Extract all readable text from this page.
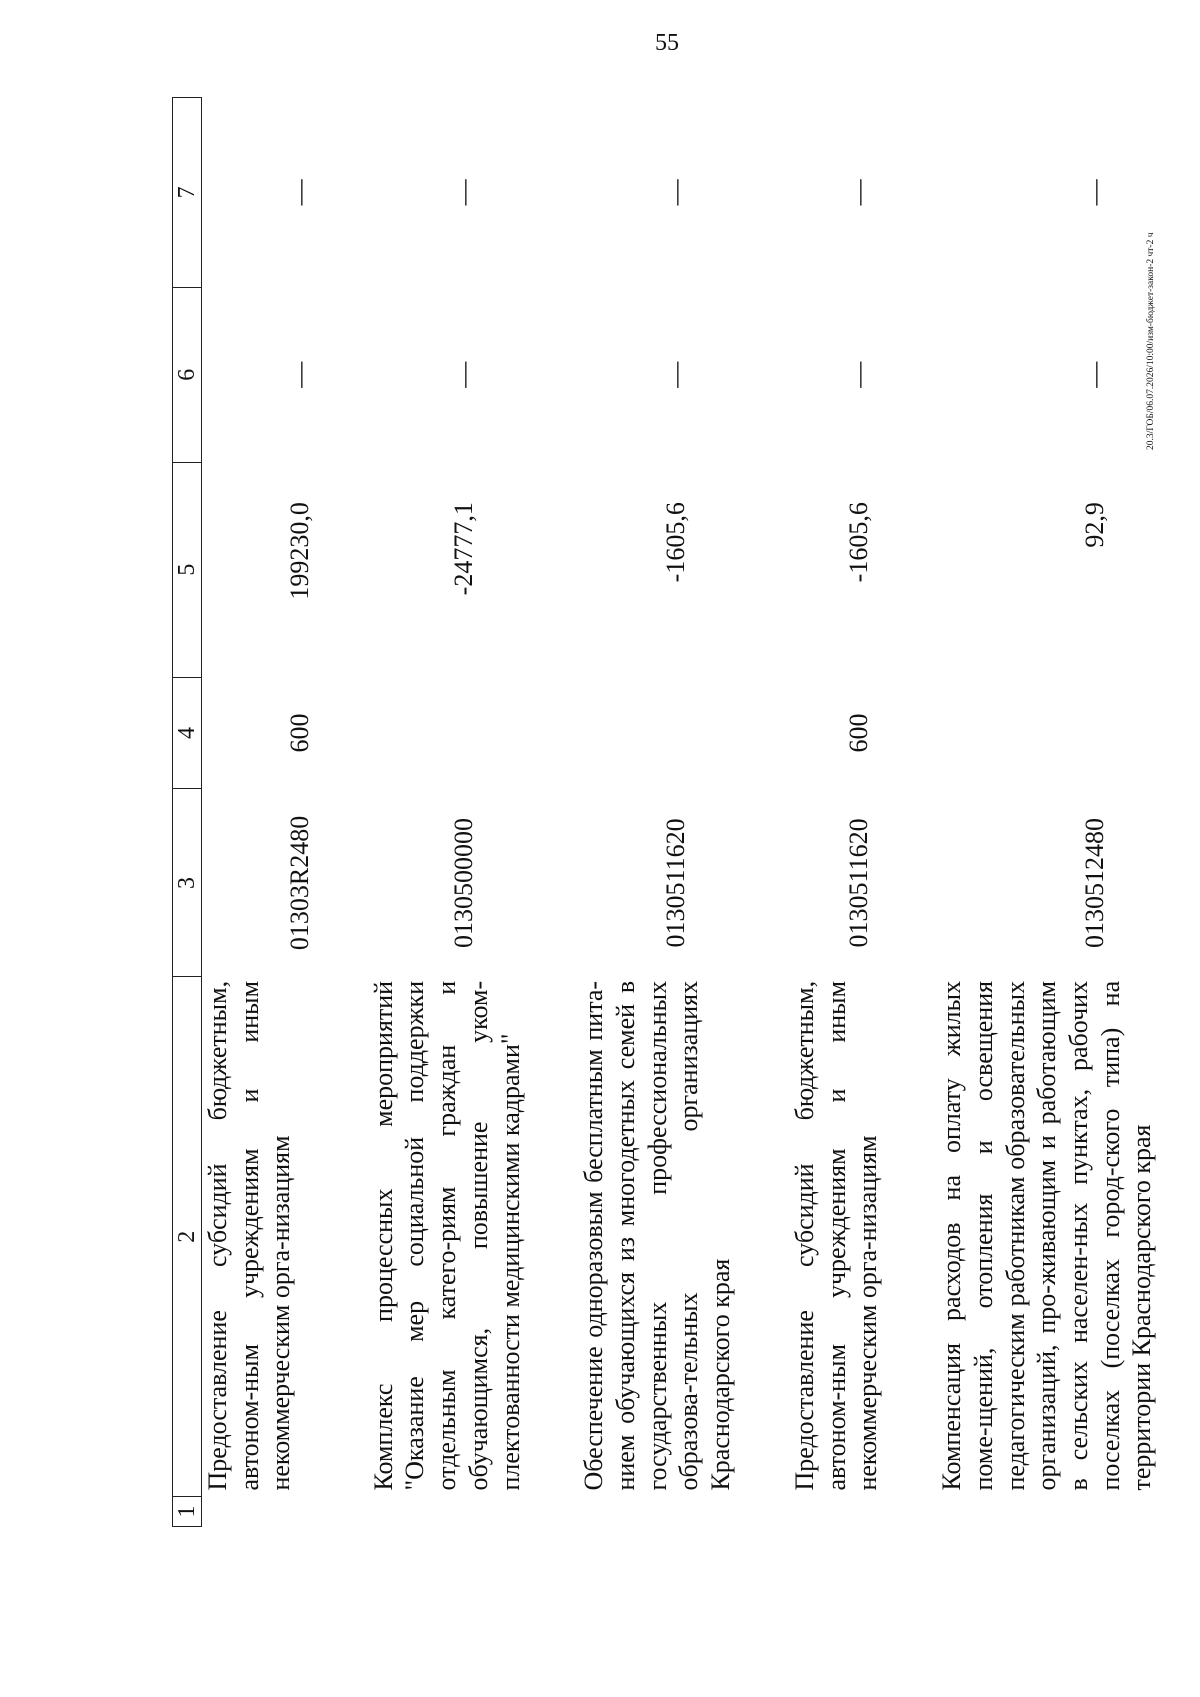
55
20.3/ГОБ/06.07.2026/10:00/изм-бюджет-закон-2 чт-2 ч
1	2	3	4	5	6	7
	Предоставление субсидий бюджетным, автоном-ным учреждениям и иным некоммерческим орга-низациям	01303R2480	600	199230,0	—	—

	Комплекс процессных мероприятий "Оказание мер социальной поддержки отдельным катего-риям граждан и обучающимся, повышение уком-плектованности медицинскими кадрами"	0130500000		-24777,1	—	—

	Обеспечение одноразовым бесплатным пита-нием обучающихся из многодетных семей в государственных профессиональных образова-тельных организациях Краснодарского края	0130511620		-1605,6	—	—

	Предоставление субсидий бюджетным, автоном-ным учреждениям и иным некоммерческим орга-низациям	0130511620	600	-1605,6	—	—

	Компенсация расходов на оплату жилых поме-щений, отопления и освещения педагогическим работникам образовательных организаций, про-живающим и работающим в сельских населен-ных пунктах, рабочих поселках (поселках город-ского типа) на территории Краснодарского края	0130512480		92,9	—	—
